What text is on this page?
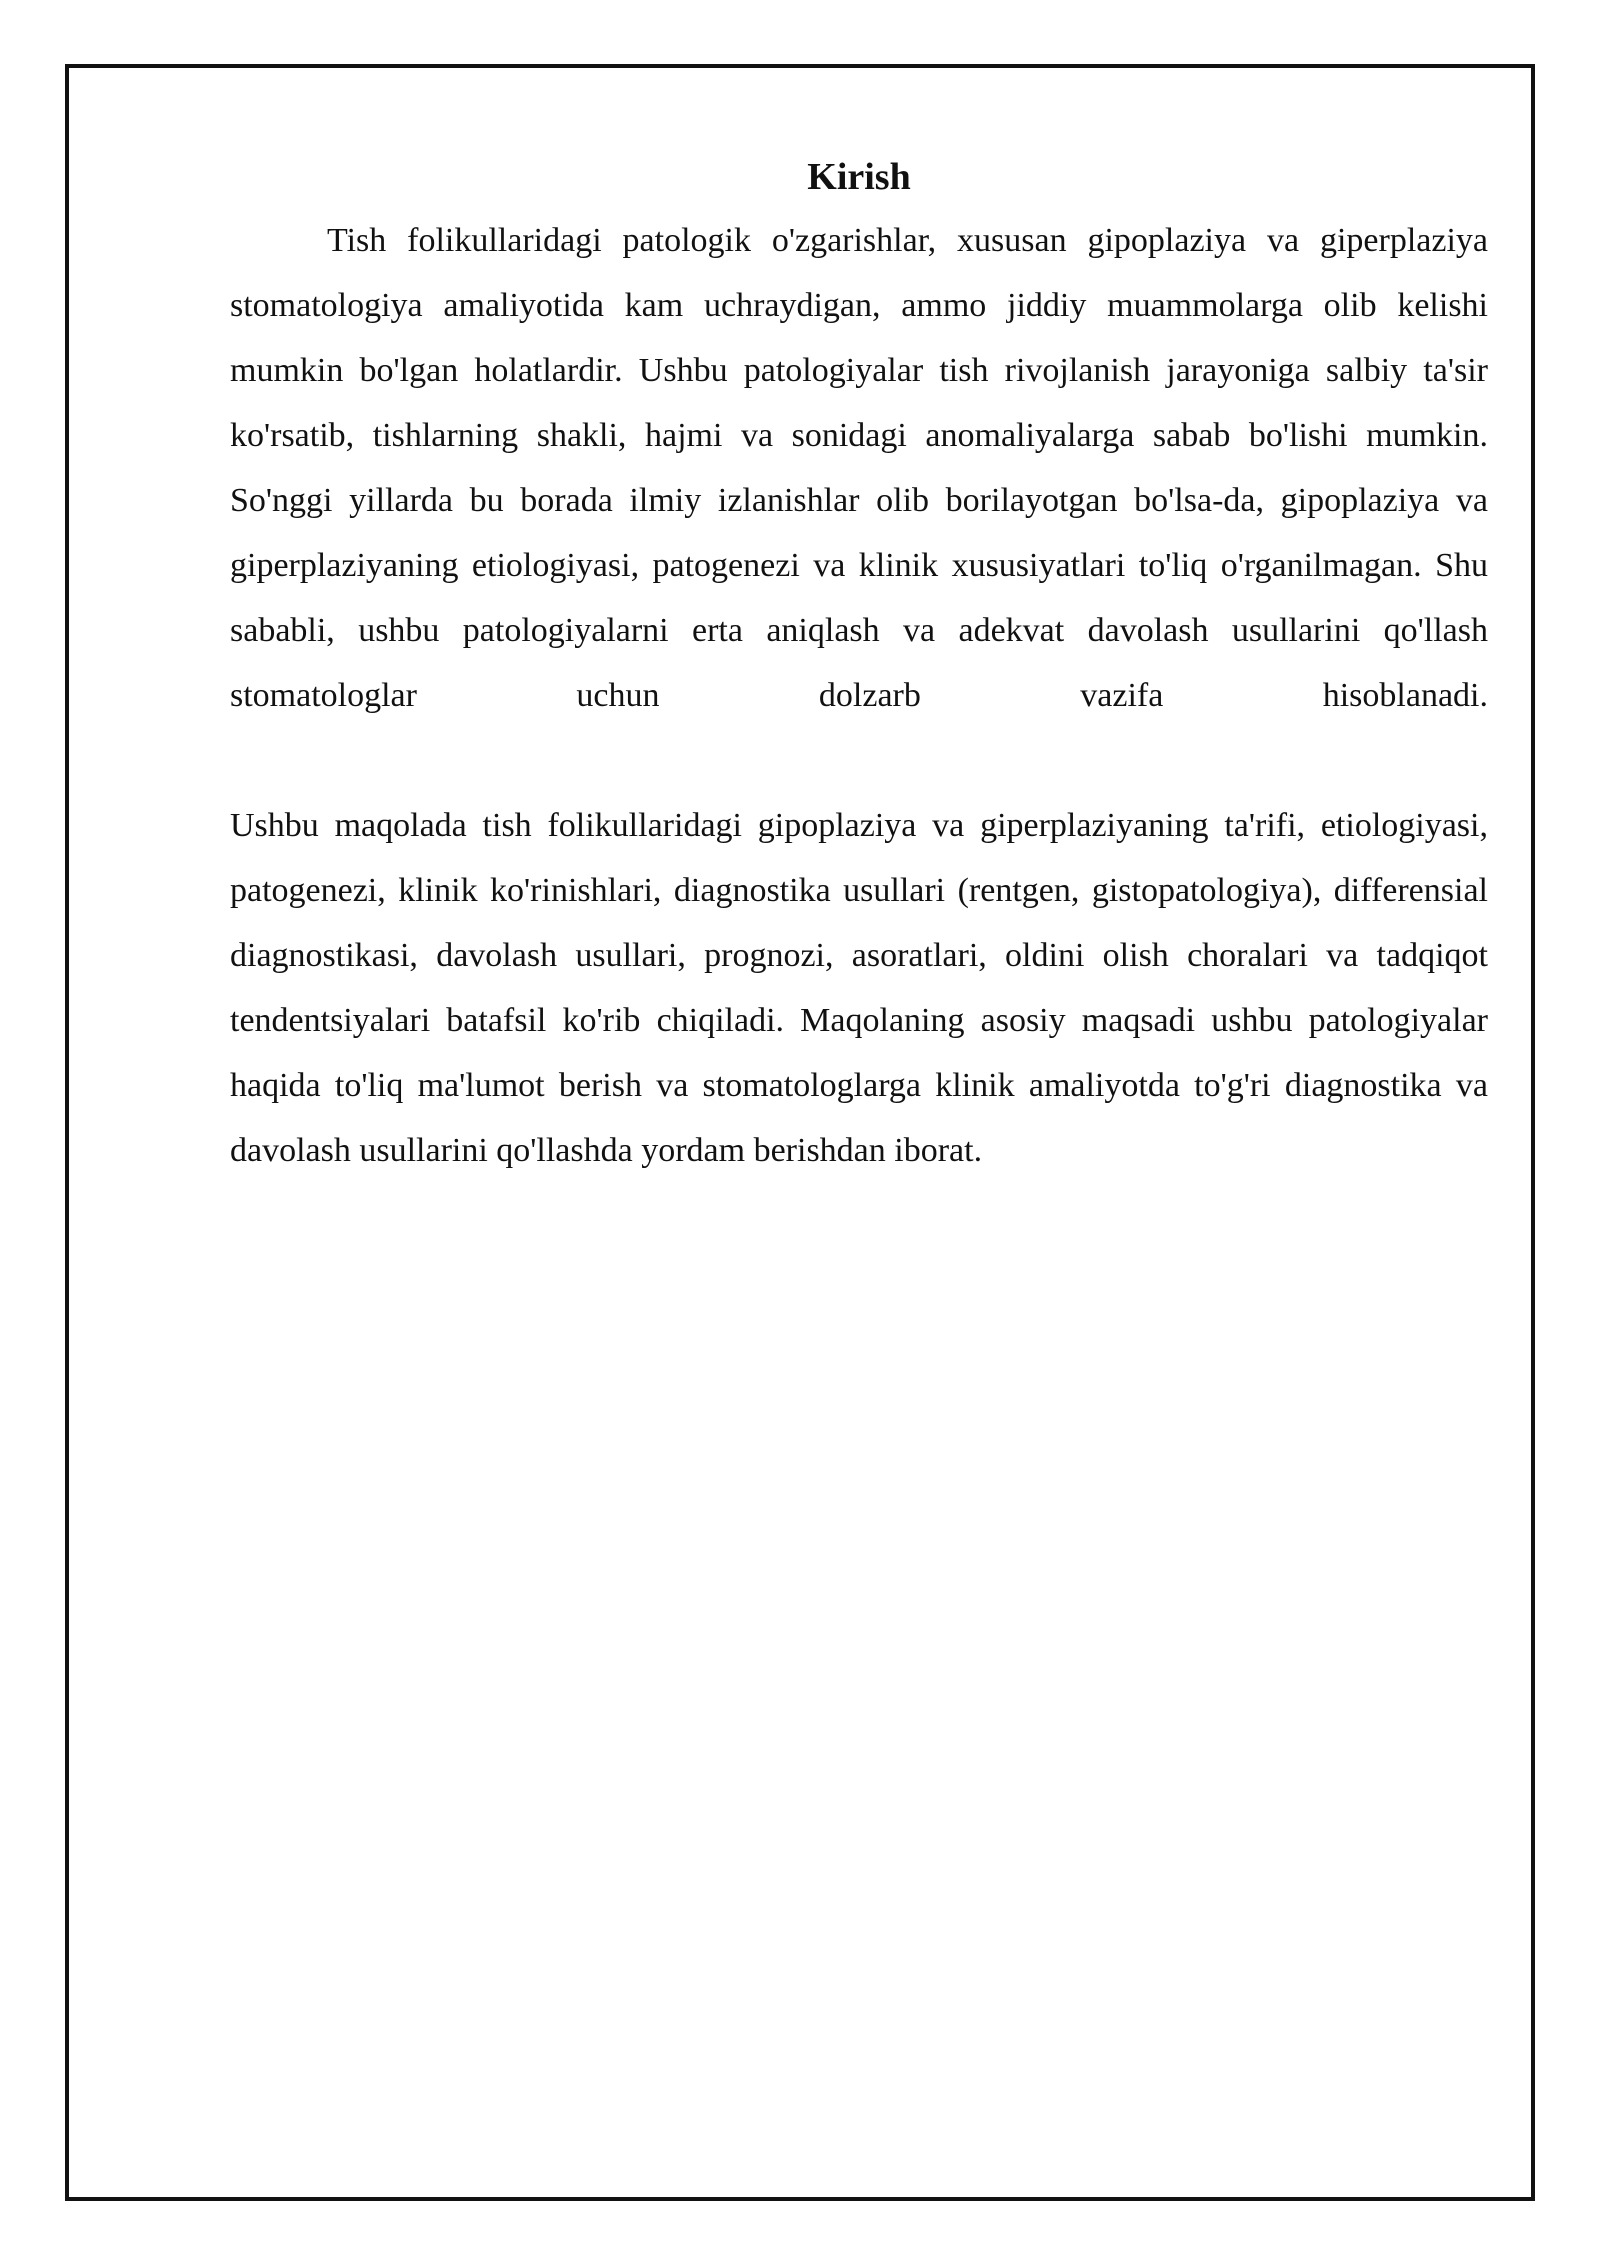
Kirish

Tish folikullaridagi patologik o'zgarishlar, xususan gipoplaziya va giperplaziya stomatologiya amaliyotida kam uchraydigan, ammo jiddiy muammolarga olib kelishi mumkin bo'lgan holatlardir. Ushbu patologiyalar tish rivojlanish jarayoniga salbiy ta'sir ko'rsatib, tishlarning shakli, hajmi va sonidagi anomaliyalarga sabab bo'lishi mumkin. So'nggi yillarda bu borada ilmiy izlanishlar olib borilayotgan bo'lsa-da, gipoplaziya va giperplaziyaning etiologiyasi, patogenezi va klinik xususiyatlari to'liq o'rganilmagan. Shu sababli, ushbu patologiyalarni erta aniqlash va adekvat davolash usullarini qo'llash stomatologlar uchun dolzarb vazifa hisoblanadi.

Ushbu maqolada tish folikullaridagi gipoplaziya va giperplaziyaning ta'rifi, etiologiyasi, patogenezi, klinik ko'rinishlari, diagnostika usullari (rentgen, gistopatologiya), differensial diagnostikasi, davolash usullari, prognozi, asoratlari, oldini olish choralari va tadqiqot tendentsiyalari batafsil ko'rib chiqiladi. Maqolaning asosiy maqsadi ushbu patologiyalar haqida to'liq ma'lumot berish va stomatologlarga klinik amaliyotda to'g'ri diagnostika va davolash usullarini qo'llashda yordam berishdan iborat.
